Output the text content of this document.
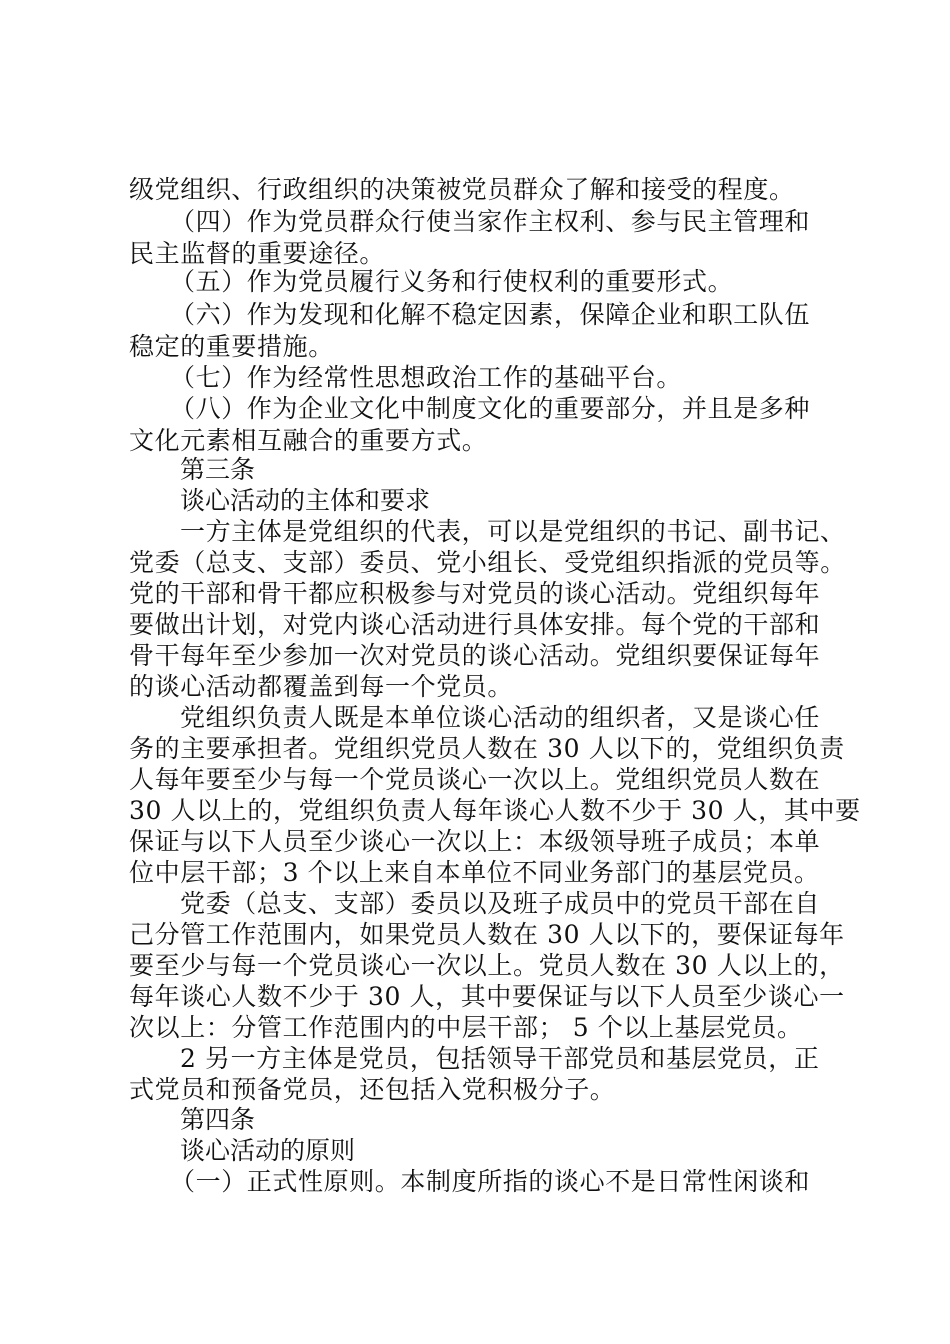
级党组织、行政组织的决策被党员群众了解和接受的程度。
（四）作为党员群众行使当家作主权利、参与民主管理和
民主监督的重要途径。
（五）作为党员履行义务和行使权利的重要形式。
（六）作为发现和化解不稳定因素，保障企业和职工队伍
稳定的重要措施。
（七）作为经常性思想政治工作的基础平台。
（八）作为企业文化中制度文化的重要部分，并且是多种
文化元素相互融合的重要方式。
第三条
谈心活动的主体和要求
一方主体是党组织的代表，可以是党组织的书记、副书记、
党委（总支、支部）委员、党小组长、受党组织指派的党员等。
党的干部和骨干都应积极参与对党员的谈心活动。党组织每年
要做出计划，对党内谈心活动进行具体安排。每个党的干部和
骨干每年至少参加一次对党员的谈心活动。党组织要保证每年
的谈心活动都覆盖到每一个党员。
党组织负责人既是本单位谈心活动的组织者，又是谈心任
务的主要承担者。党组织党员人数在 30 人以下的，党组织负责
人每年要至少与每一个党员谈心一次以上。党组织党员人数在
30 人以上的，党组织负责人每年谈心人数不少于 30 人，其中要
保证与以下人员至少谈心一次以上：本级领导班子成员；本单
位中层干部；3 个以上来自本单位不同业务部门的基层党员。
党委（总支、支部）委员以及班子成员中的党员干部在自
己分管工作范围内，如果党员人数在 30 人以下的，要保证每年
要至少与每一个党员谈心一次以上。党员人数在 30 人以上的，
每年谈心人数不少于 30 人，其中要保证与以下人员至少谈心一
次以上：分管工作范围内的中层干部； 5 个以上基层党员。
2 另一方主体是党员，包括领导干部党员和基层党员，正
式党员和预备党员，还包括入党积极分子。
第四条
谈心活动的原则
（一）正式性原则。本制度所指的谈心不是日常性闲谈和
